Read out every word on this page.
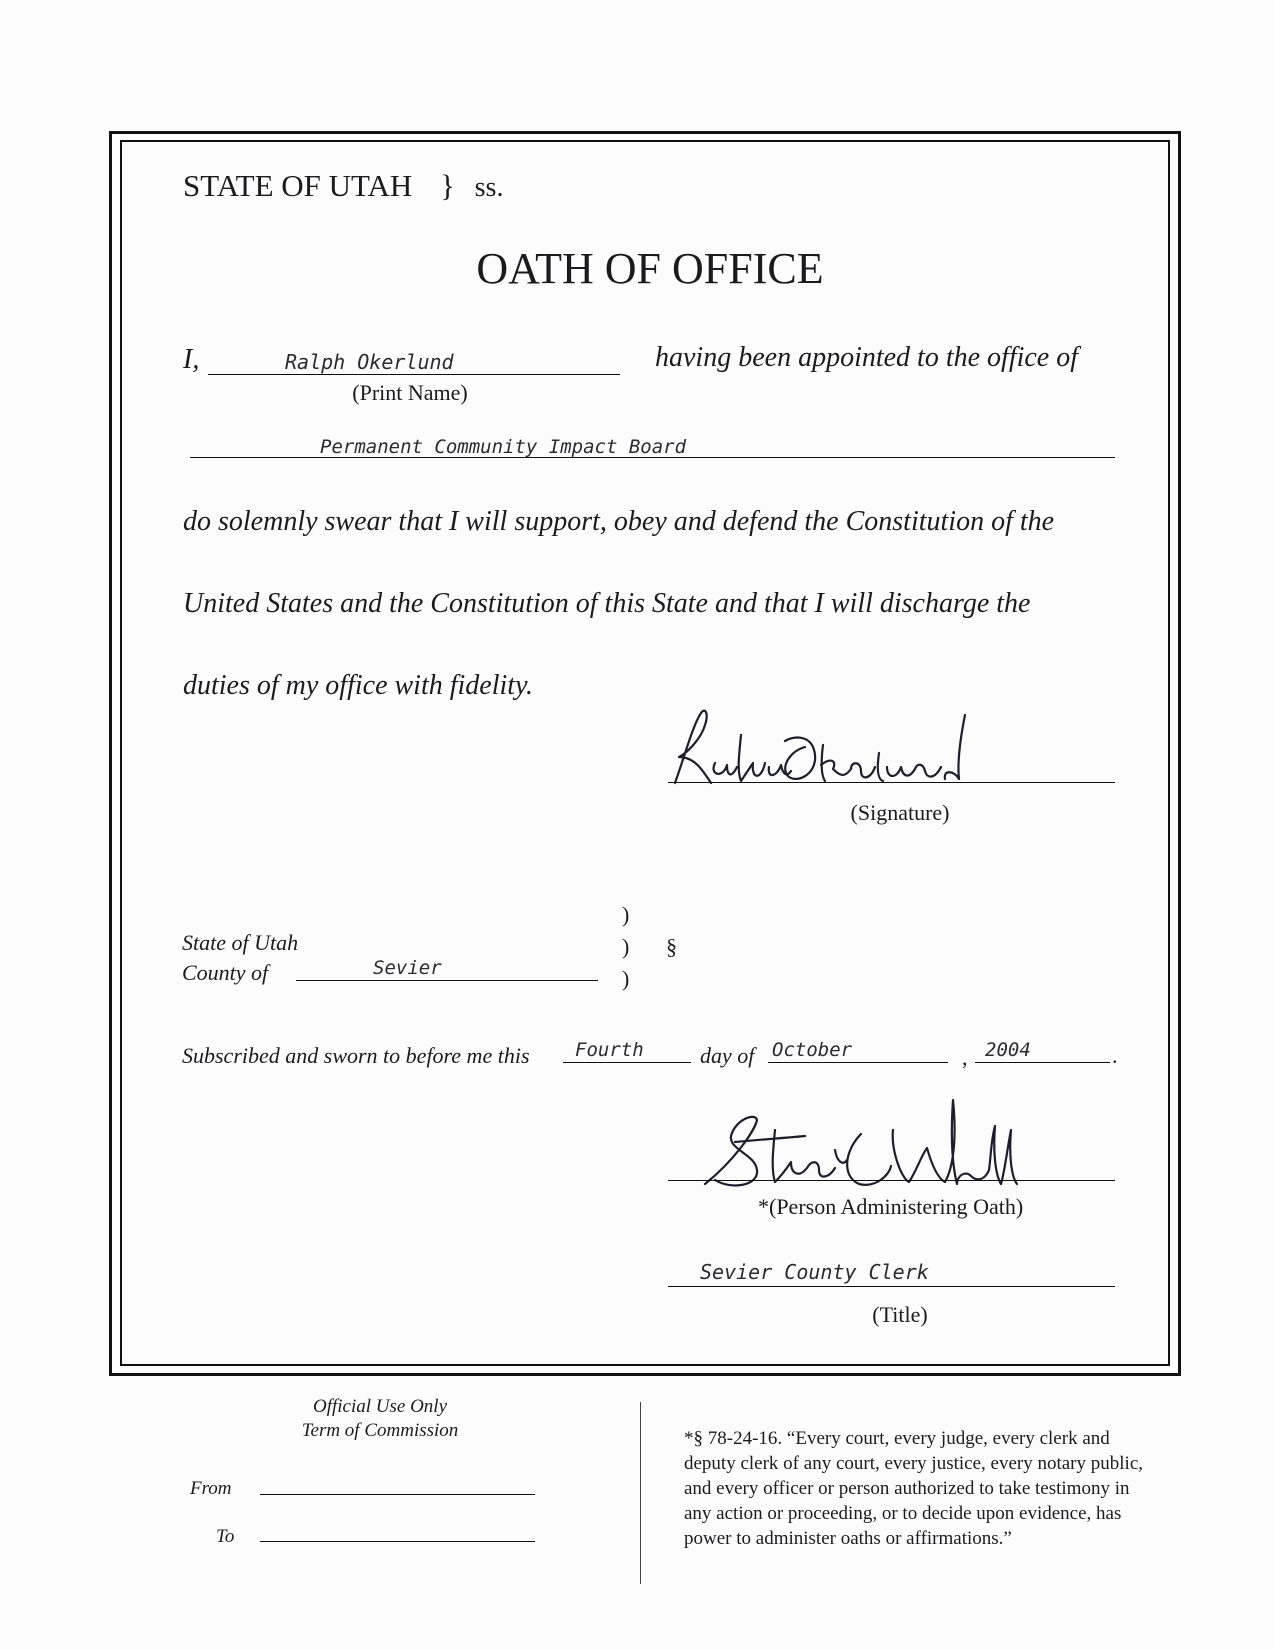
STATE OF UTAH } ss.
OATH OF OFFICE
I,	Ralph Okerlund
(Print Name)
having been appointed to the office of
Permanent Community Impact Board
do solemnly swear that I will support, obey and defend the Constitution of the
United States and the Constitution of this State and that I will discharge the
duties of my office with fidelity.
(Signature)
State of Utah
County of	Sevier
)
)
)
§
Subscribed and sworn to before me this Fourth	day of October	, 2004	.
*(Person Administering Oath)
Sevier County Clerk
(Title)
Official Use Only
Term of Commission
From
To
*§ 78-24-16. “Every court, every judge, every clerk and
deputy clerk of any court, every justice, every notary public,
and every officer or person authorized to take testimony in
any action or proceeding, or to decide upon evidence, has
power to administer oaths or affirmations.”
